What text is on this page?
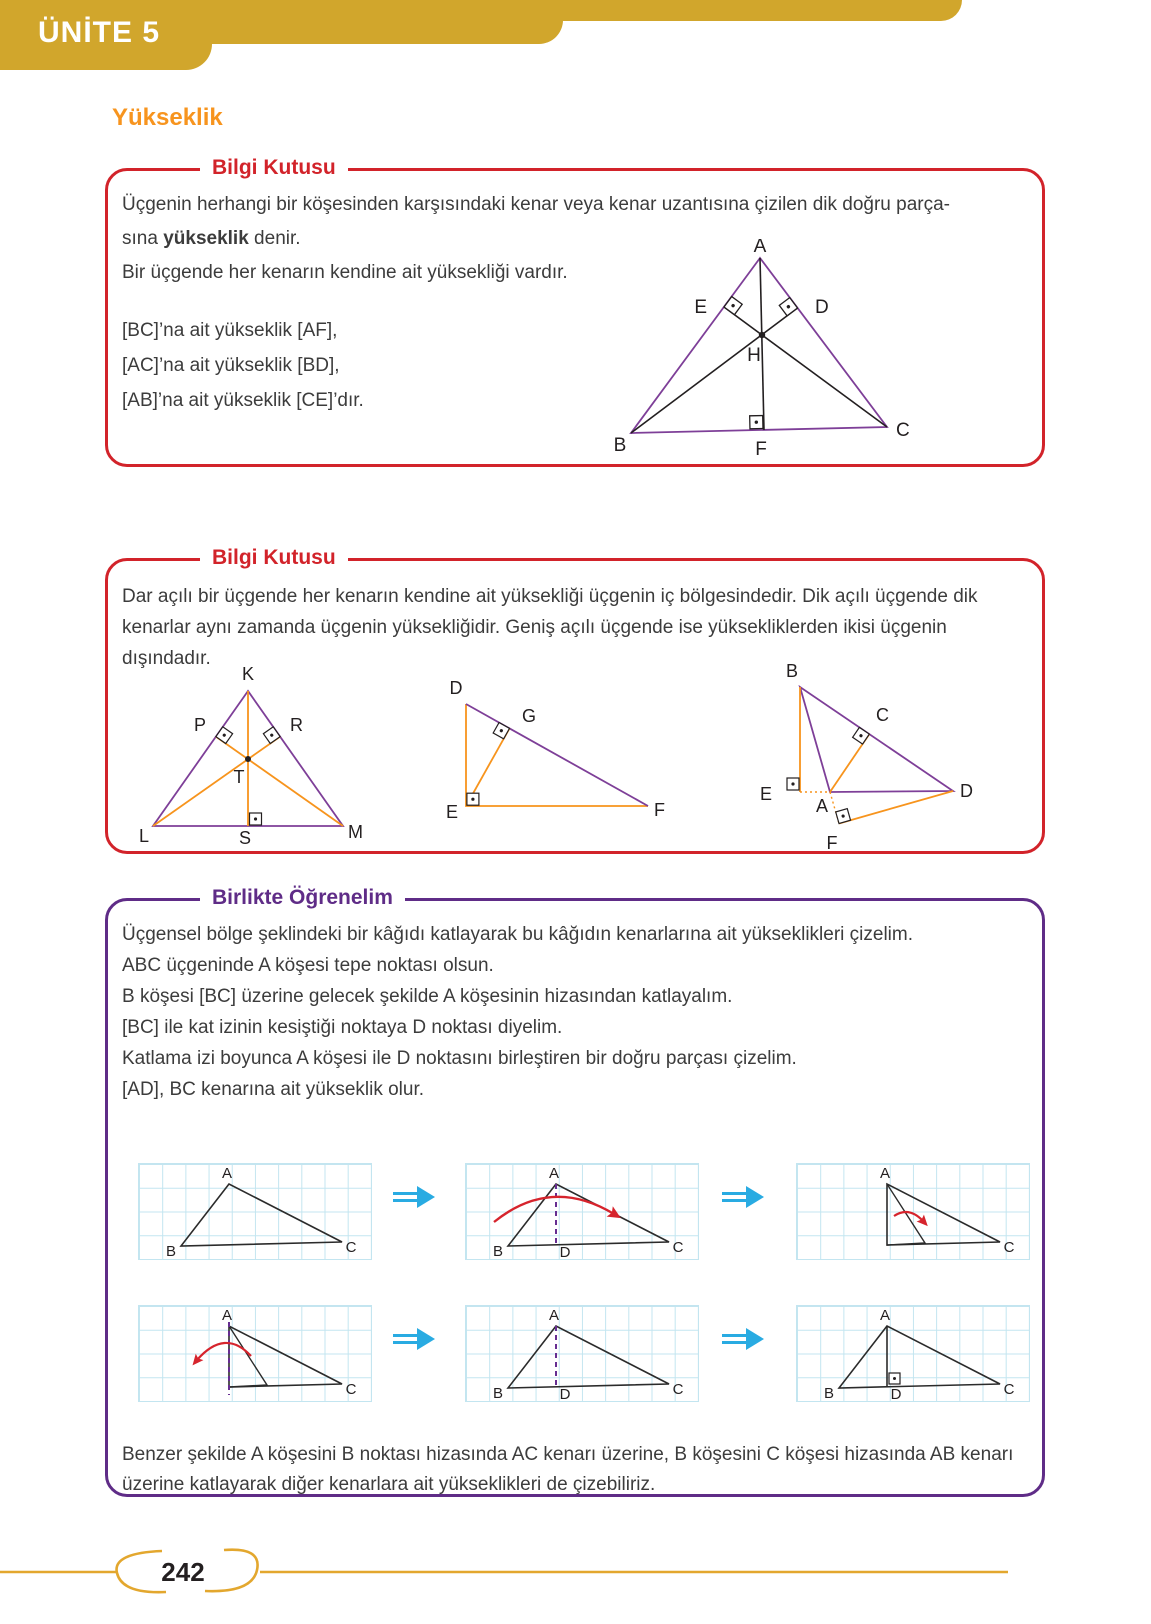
ÜNİTE 5
Yükseklik
Bilgi Kutusu
Üçgenin herhangi bir köşesinden karşısındaki kenar veya kenar uzantısına çizilen dik doğru parça-
sına yükseklik denir.
Bir üçgende her kenarın kendine ait yüksekliği vardır.
[BC]’na ait yükseklik [AF],
[AC]’na ait yükseklik [BD],
[AB]’na ait yükseklik [CE]’dır.
A
B
C
D
E
H
F
Bilgi Kutusu
Dar açılı bir üçgende her kenarın kendine ait yüksekliği üçgenin iç bölgesindedir. Dik açılı üçgende dik kenarlar aynı zamanda üçgenin yüksekliğidir. Geniş açılı üçgende ise yüksekliklerden ikisi üçgenin dışındadır.
K
P	R
T
L	M
S
D
G
E	F
B
C
D
E
A
F
Birlikte Öğrenelim
Üçgensel bölge şeklindeki bir kâğıdı katlayarak bu kâğıdın kenarlarına ait yükseklikleri çizelim.
ABC üçgeninde A köşesi tepe noktası olsun.
B köşesi [BC] üzerine gelecek şekilde A köşesinin hizasından katlayalım.
[BC] ile kat izinin kesiştiği noktaya D noktası diyelim.
Katlama izi boyunca A köşesi ile D noktasını birleştiren bir doğru parçası çizelim.
[AD], BC kenarına ait yükseklik olur.
A
B	C
A
B	D	C
A
C
A
C
A
B	D	C
A
B	D	C
Benzer şekilde A köşesini B noktası hizasında AC kenarı üzerine, B köşesini C köşesi hizasında AB kenarı üzerine katlayarak diğer kenarlara ait yükseklikleri de çizebiliriz.
242
